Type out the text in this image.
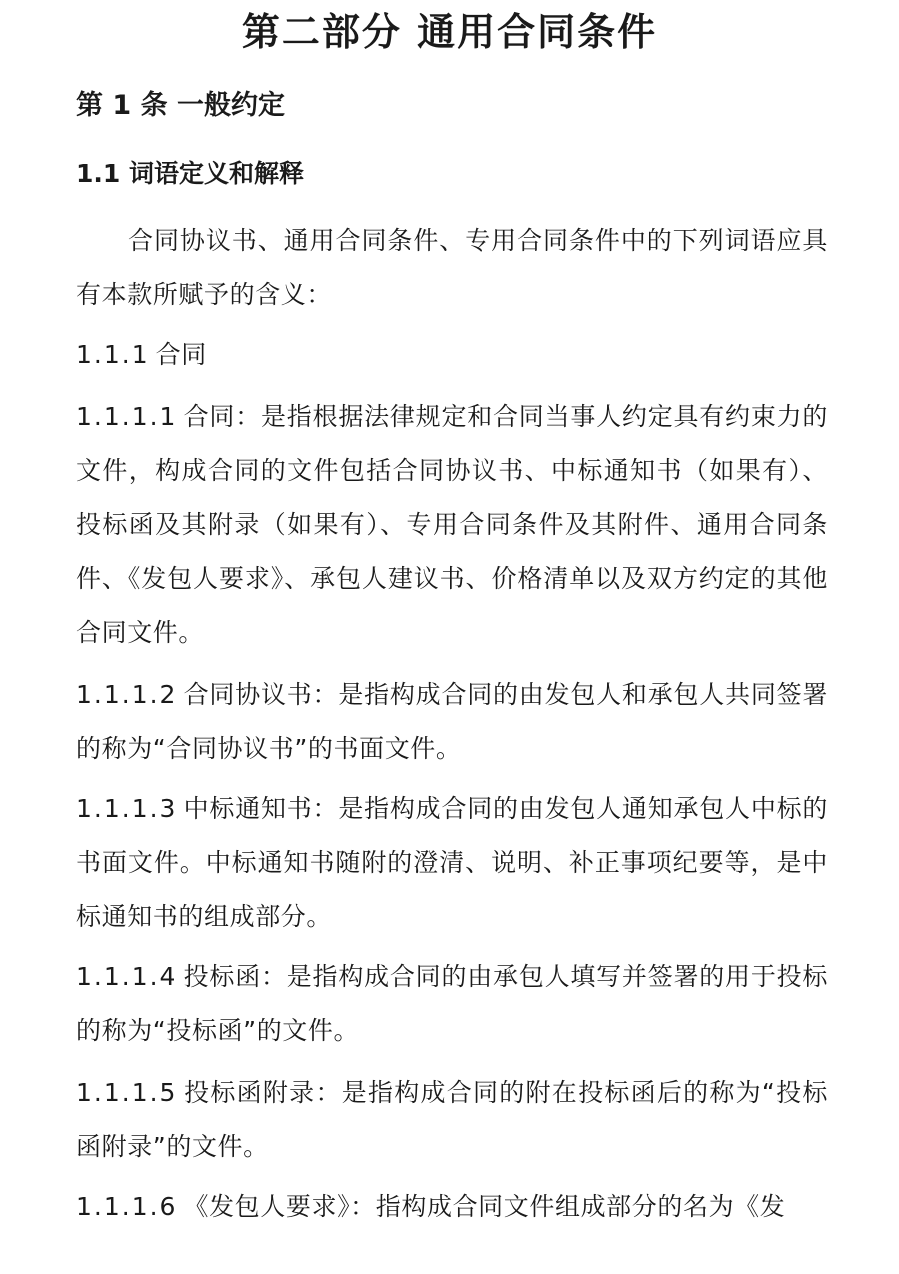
第二部分 通用合同条件
第 1 条 一般约定
1.1 词语定义和解释
合同协议书、通用合同条件、专用合同条件中的下列词语应具有本款所赋予的含义：
1.1.1 合同
1.1.1.1 合同：是指根据法律规定和合同当事人约定具有约束力的文件，构成合同的文件包括合同协议书、中标通知书（如果有）、投标函及其附录（如果有）、专用合同条件及其附件、通用合同条件、《发包人要求》、承包人建议书、价格清单以及双方约定的其他合同文件。
1.1.1.2 合同协议书：是指构成合同的由发包人和承包人共同签署的称为“合同协议书”的书面文件。
1.1.1.3 中标通知书：是指构成合同的由发包人通知承包人中标的书面文件。中标通知书随附的澄清、说明、补正事项纪要等，是中标通知书的组成部分。
1.1.1.4 投标函：是指构成合同的由承包人填写并签署的用于投标的称为“投标函”的文件。
1.1.1.5 投标函附录：是指构成合同的附在投标函后的称为“投标函附录”的文件。
1.1.1.6 《发包人要求》：指构成合同文件组成部分的名为《发
